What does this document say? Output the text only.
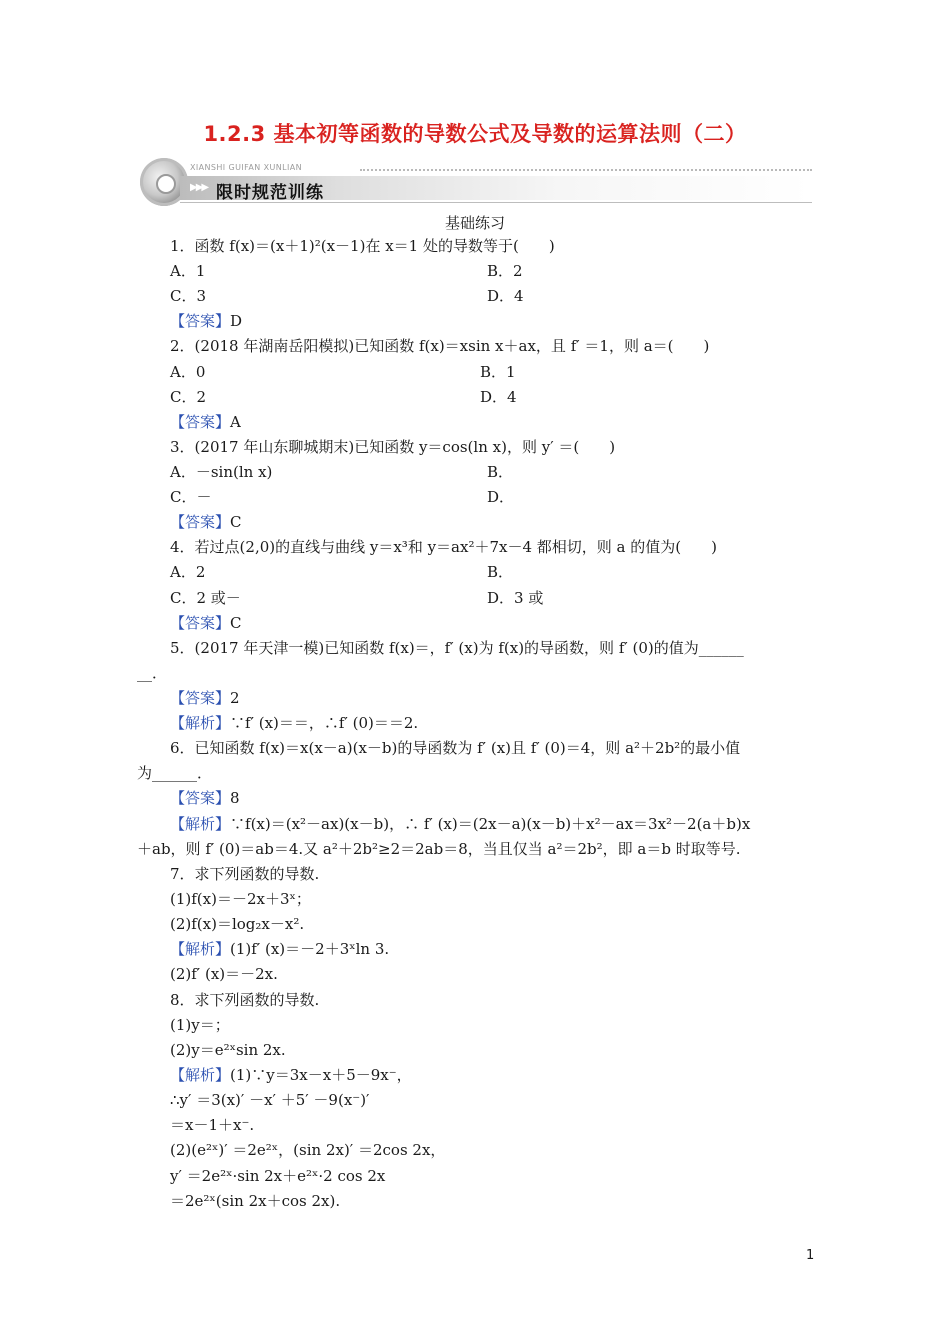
1.2.3 基本初等函数的导数公式及导数的运算法则（二）
XIANSHI GUIFAN XUNLIAN
▶▶▶ 限时规范训练
基础练习
1．函数 f(x)＝(x＋1)²(x－1)在 x＝1 处的导数等于(　　)
A．1	B．2
C．3	D．4
【答案】D
2．(2018 年湖南岳阳模拟)已知函数 f(x)＝xsin x＋ax，且 f′ ＝1，则 a＝(　　)
A．0	B．1
C．2	D．4
【答案】A
3．(2017 年山东聊城期末)已知函数 y＝cos(ln x)，则 y′ ＝(　　)
A．－sin(ln x)	B．
C．－	D．
【答案】C
4．若过点(2,0)的直线与曲线 y＝x³和 y＝ax²＋7x－4 都相切，则 a 的值为(　　)
A．2	B．
C．2 或－	D．3 或
【答案】C
5．(2017 年天津一模)已知函数 f(x)＝，f′ (x)为 f(x)的导函数，则 f′ (0)的值为______
__．
【答案】2
【解析】∵f′ (x)＝＝，∴f′ (0)＝＝2.
6．已知函数 f(x)＝x(x－a)(x－b)的导函数为 f′ (x)且 f′ (0)＝4，则 a²＋2b²的最小值
为______．
【答案】8
【解析】∵f(x)＝(x²－ax)(x－b)，∴ f′ (x)＝(2x－a)(x－b)＋x²－ax＝3x²－2(a＋b)x
＋ab，则 f′ (0)＝ab＝4.又 a²＋2b²≥2＝2ab＝8，当且仅当 a²＝2b²，即 a＝b 时取等号.
7．求下列函数的导数.
(1)f(x)＝－2x＋3ˣ；
(2)f(x)＝log₂x－x².
【解析】(1)f′ (x)＝－2＋3ˣln 3.
(2)f′ (x)＝－2x.
8．求下列函数的导数.
(1)y＝；
(2)y＝e²ˣsin 2x.
【解析】(1)∵y＝3x－x＋5－9x⁻，
∴y′ ＝3(x)′ －x′ ＋5′ －9(x⁻)′
＝x－1＋x⁻.
(2)(e²ˣ)′ ＝2e²ˣ，(sin 2x)′ ＝2cos 2x，
y′ ＝2e²ˣ·sin 2x＋e²ˣ·2 cos 2x
＝2e²ˣ(sin 2x＋cos 2x).
1
